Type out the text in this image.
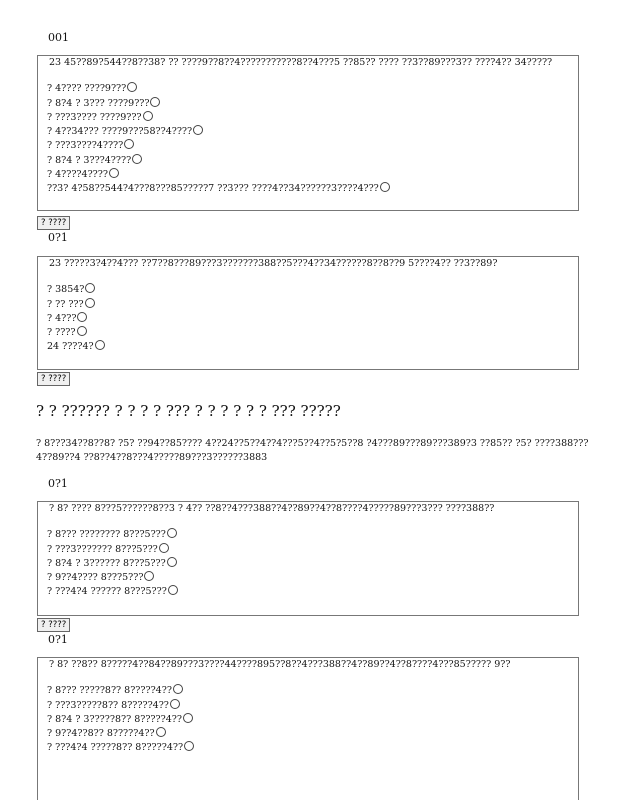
001
23 45??89?544??8??38? ?? ????9??8??4???????????8??4???5 ??85?? ???? ??3??89???3?? ????4?? 34?????
? 4???? ????9???
? 8?4 ? 3??? ????9???
? ???3???? ????9???
? 4??34??? ????9???58??4????
? ???3????4????
? 8?4 ? 3???4????
? 4????4????
??3? 4?58??544?4???8???85?????7 ??3??? ????4??34??????3????4???
? ????
0?1
23 ?????3?4??4??? ??7??8???89???3???????388??5???4??34??????8??8??9 5????4?? ??3??89?
? 3854?
? ?? ???
? 4???
? ????
24 ????4?
? ????
? ? ?????? ? ? ? ? ??? ? ? ? ? ? ? ??? ?????
? 8???34??8??8? ?5? ??94??85???? 4??24??5??4??4???5??4??5?5??8 ?4???89???89???389?3 ??85?? ?5? ????388???4??89??4 ??8??4??8???4?????89???3??????3883
0?1
? 8? ???? 8???5??????8??3 ? 4?? ??8??4???388??4??89??4??8????4?????89???3??? ????388??
? 8??? ???????? 8???5???
? ???3??????? 8???5???
? 8?4 ? 3?????? 8???5???
? 9??4???? 8???5???
? ???4?4 ?????? 8???5???
? ????
0?1
? 8? ??8?? 8?????4??84??89???3????44????895??8??4???388??4??89??4??8????4???85????? 9??
? 8??? ?????8?? 8?????4??
? ???3?????8?? 8?????4??
? 8?4 ? 3?????8?? 8?????4??
? 9??4??8?? 8?????4??
? ???4?4 ?????8?? 8?????4??
